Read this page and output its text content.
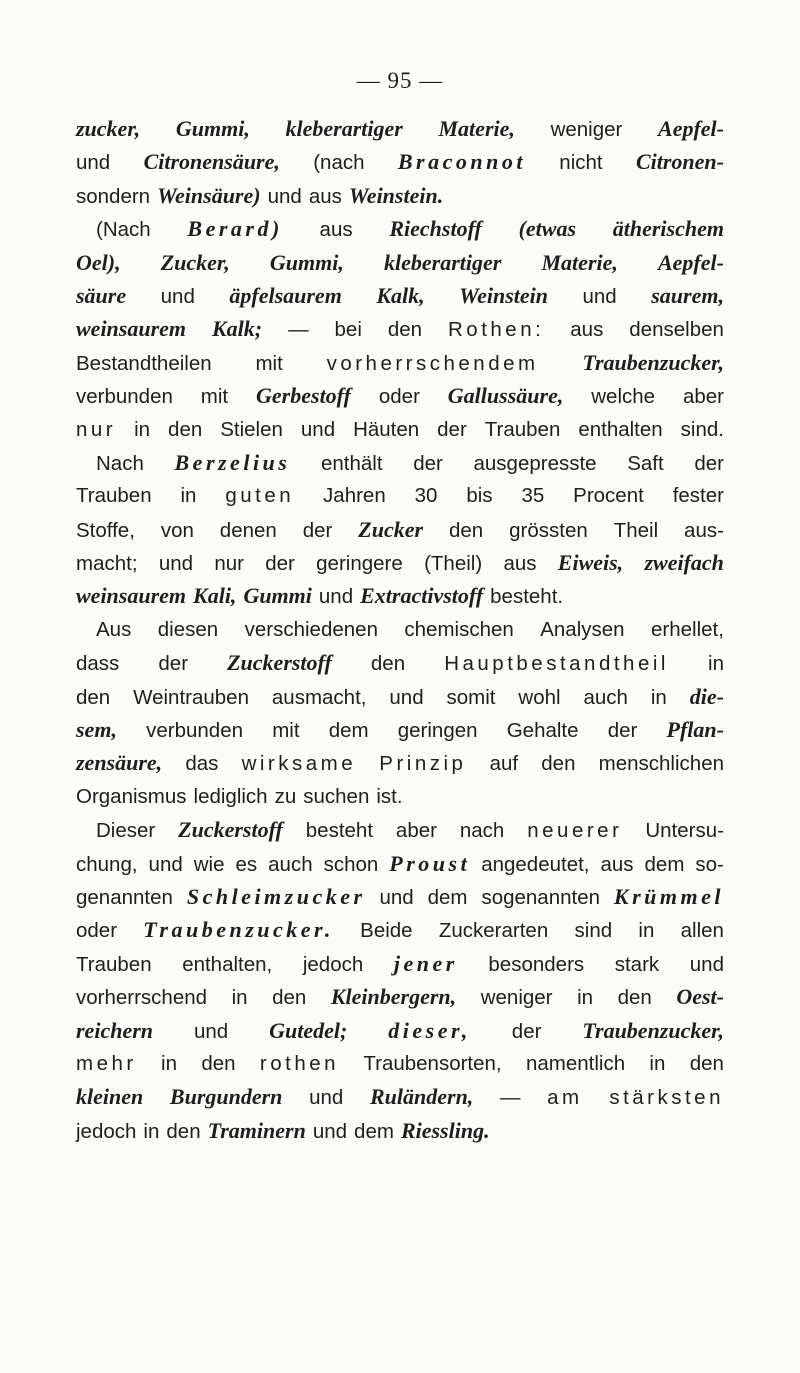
— 95 —
zucker, Gummi, kleberartiger Materie, weniger Aepfel-
und Citronensäure, (nach Braconnot nicht Citronen-
sondern Weinsäure) und aus Weinstein.
(Nach Berard) aus Riechstoff (etwas ätherischem
Oel), Zucker, Gummi, kleberartiger Materie, Aepfel-
säure und äpfelsaurem Kalk, Weinstein und saurem,
weinsaurem Kalk; — bei den Rothen: aus denselben
Bestandtheilen mit vorherrschendem Traubenzucker,
verbunden mit Gerbestoff oder Gallussäure, welche aber
nur in den Stielen und Häuten der Trauben enthalten sind.
Nach Berzelius enthält der ausgepresste Saft der
Trauben in guten Jahren 30 bis 35 Procent fester
Stoffe, von denen der Zucker den grössten Theil aus-
macht; und nur der geringere (Theil) aus Eiweis, zweifach
weinsaurem Kali, Gummi und Extractivstoff besteht.
Aus diesen verschiedenen chemischen Analysen erhellet,
dass der Zuckerstoff den Hauptbestandtheil in
den Weintrauben ausmacht, und somit wohl auch in die-
sem, verbunden mit dem geringen Gehalte der Pflan-
zensäure, das wirksame Prinzip auf den menschlichen
Organismus lediglich zu suchen ist.
Dieser Zuckerstoff besteht aber nach neuerer Untersu-
chung, und wie es auch schon Proust angedeutet, aus dem so-
genannten Schleimzucker und dem sogenannten Krümmel
oder Traubenzucker. Beide Zuckerarten sind in allen
Trauben enthalten, jedoch jener besonders stark und
vorherrschend in den Kleinbergern, weniger in den Oest-
reichern und Gutedel; dieser, der Traubenzucker,
mehr in den rothen Traubensorten, namentlich in den
kleinen Burgundern und Ruländern, — am stärksten
jedoch in den Traminern und dem Riessling.
